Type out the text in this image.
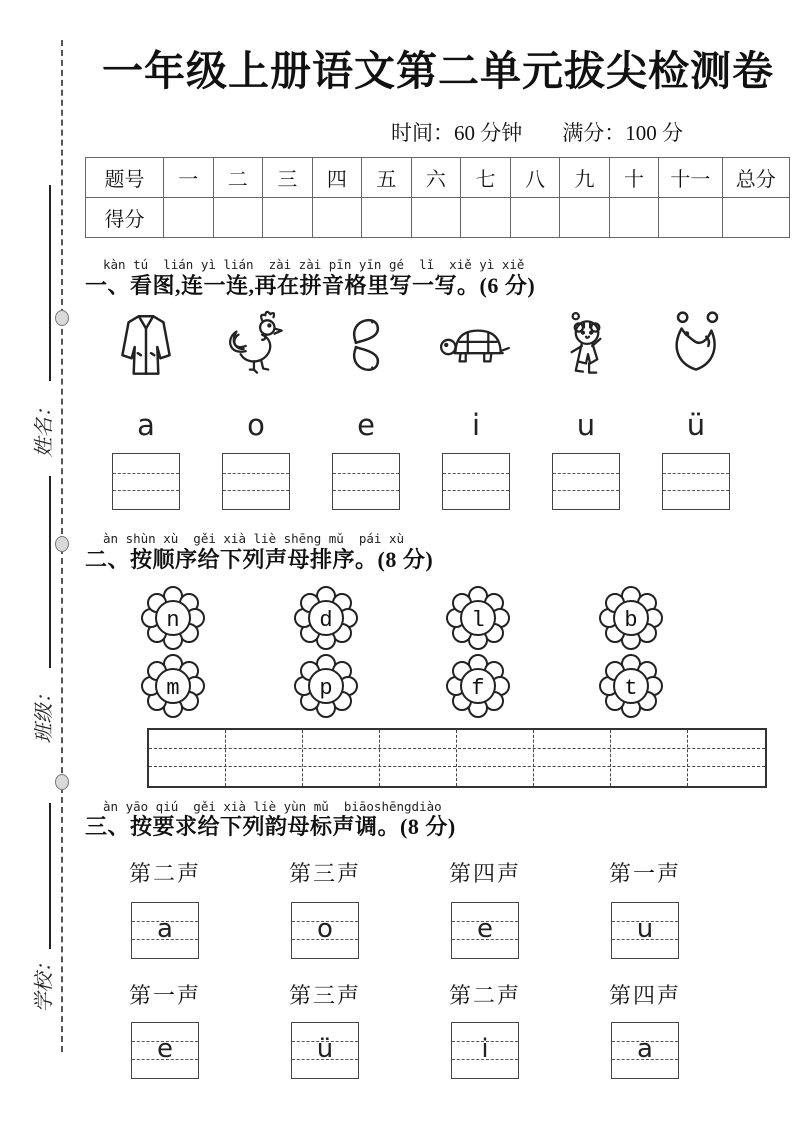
姓名：
班级：
学校：
一年级上册语文第二单元拔尖检测卷
时间：60 分钟 满分：100 分
题号	一	二	三	四	五	六	七	八	九	十	十一	总分
得分												
kàn tú  lián yì lián  zài zài pīn yīn gé  lǐ  xiě yì xiě
一、看图,连一连,再在拼音格里写一写。(6 分)
a	o	e	i	u	ü
àn shùn xù  gěi xià liè shēng mǔ  pái xù
二、按顺序给下列声母排序。(8 分)
n	d	l	b
m	p	f	t
àn yāo qiú  gěi xià liè yùn mǔ  biāoshēngdiào
三、按要求给下列韵母标声调。(8 分)
第二声	第三声	第四声	第一声
a	o	e	u
第一声	第三声	第二声	第四声
e	ü	i	a
